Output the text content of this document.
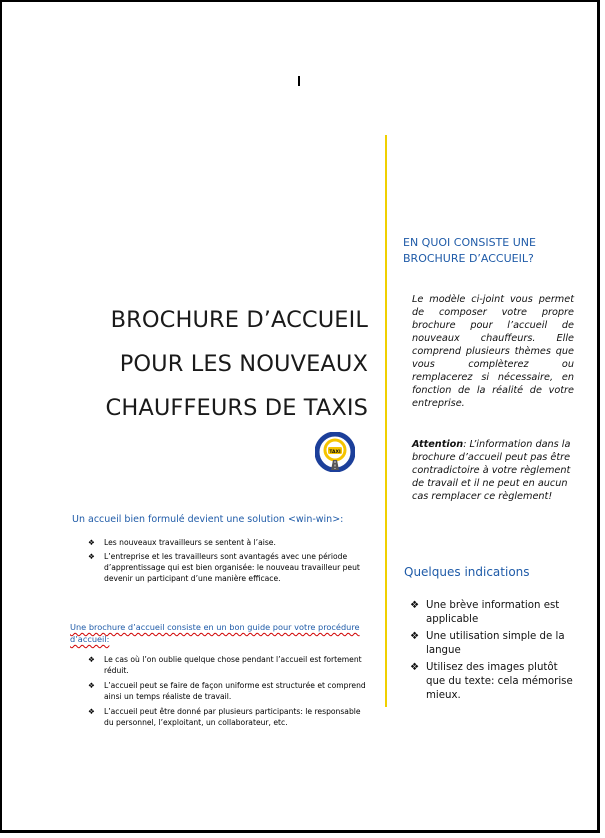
BROCHURE D’ACCUEIL
POUR LES NOUVEAUX
CHAUFFEURS DE TAXIS
TAXI
Un accueil bien formulé devient une solution <win-win>:
❖ Les nouveaux travailleurs se sentent à l’aise.
❖ L’entreprise et les travailleurs sont avantagés avec une période d’apprentissage qui est bien organisée: le nouveau travailleur peut devenir un participant d’une manière efficace.
Une brochure d’accueil consiste en un bon guide pour votre procédure d’accueil:
❖ Le cas où l’on oublie quelque chose pendant l’accueil est fortement réduit.
❖ L’accueil peut se faire de façon uniforme est structurée et comprend ainsi un temps réaliste de travail.
❖ L’accueil peut être donné par plusieurs participants: le responsable du personnel, l’exploitant, un collaborateur, etc.
EN QUOI CONSISTE UNE BROCHURE D’ACCUEIL?
Le modèle ci-joint vous permet de composer votre propre brochure pour l’accueil de nouveaux chauffeurs. Elle comprend plusieurs thèmes que vous complèterez ou remplacerez si nécessaire, en fonction de la réalité de votre entreprise.
Attention: L’information dans la brochure d’accueil peut pas être contradictoire à votre règlement de travail et il ne peut en aucun cas remplacer ce règlement!
Quelques indications
❖ Une brève information est applicable
❖ Une utilisation simple de la langue
❖ Utilisez des images plutôt que du texte: cela mémorise mieux.
